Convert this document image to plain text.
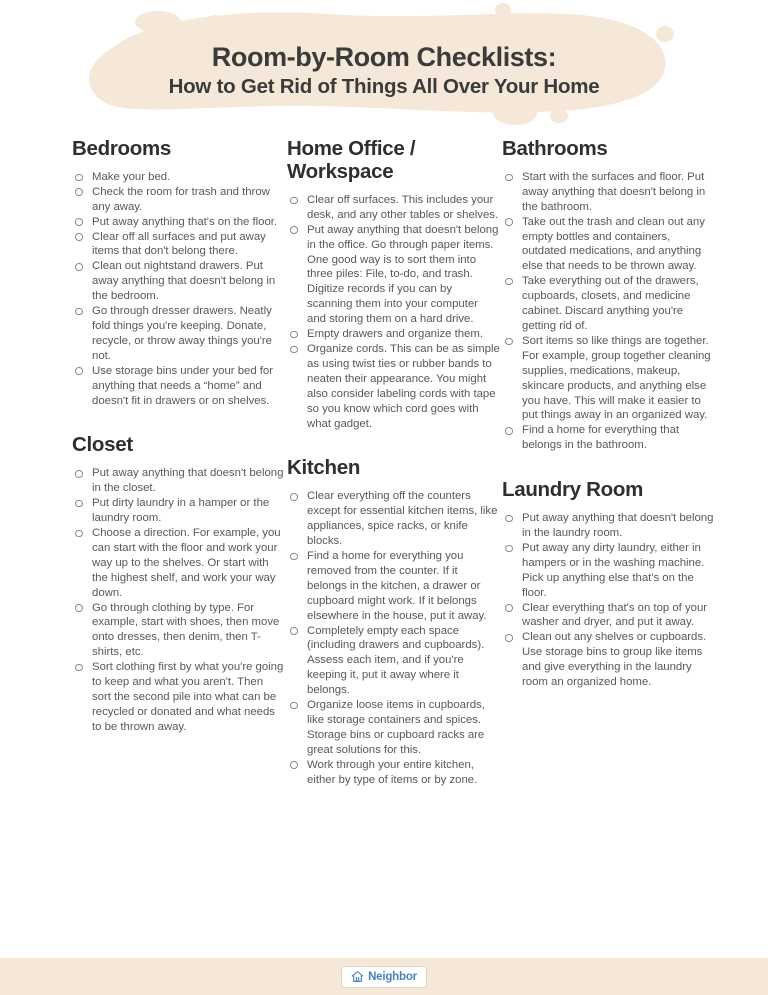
Room-by-Room Checklists:
How to Get Rid of Things All Over Your Home
Bedrooms
Make your bed.
Check the room for trash and throw any away.
Put away anything that's on the floor.
Clear off all surfaces and put away items that don't belong there.
Clean out nightstand drawers. Put away anything that doesn't belong in the bedroom.
Go through dresser drawers. Neatly fold things you're keeping. Donate, recycle, or throw away things you're not.
Use storage bins under your bed for anything that needs a “home” and doesn't fit in drawers or on shelves.
Closet
Put away anything that doesn't belong in the closet.
Put dirty laundry in a hamper or the laundry room.
Choose a direction. For example, you can start with the floor and work your way up to the shelves. Or start with the highest shelf, and work your way down.
Go through clothing by type. For example, start with shoes, then move onto dresses, then denim, then T-shirts, etc.
Sort clothing first by what you're going to keep and what you aren't. Then sort the second pile into what can be recycled or donated and what needs to be thrown away.
Home Office / Workspace
Clear off surfaces. This includes your desk, and any other tables or shelves.
Put away anything that doesn't belong in the office. Go through paper items. One good way is to sort them into three piles: File, to-do, and trash. Digitize records if you can by scanning them into your computer and storing them on a hard drive.
Empty drawers and organize them.
Organize cords. This can be as simple as using twist ties or rubber bands to neaten their appearance. You might also consider labeling cords with tape so you know which cord goes with what gadget.
Kitchen
Clear everything off the counters except for essential kitchen items, like appliances, spice racks, or knife blocks.
Find a home for everything you removed from the counter. If it belongs in the kitchen, a drawer or cupboard might work. If it belongs elsewhere in the house, put it away.
Completely empty each space (including drawers and cupboards). Assess each item, and if you're keeping it, put it away where it belongs.
Organize loose items in cupboards, like storage containers and spices. Storage bins or cupboard racks are great solutions for this.
Work through your entire kitchen, either by type of items or by zone.
Bathrooms
Start with the surfaces and floor. Put away anything that doesn't belong in the bathroom.
Take out the trash and clean out any empty bottles and containers, outdated medications, and anything else that needs to be thrown away.
Take everything out of the drawers, cupboards, closets, and medicine cabinet. Discard anything you're getting rid of.
Sort items so like things are together. For example, group together cleaning supplies, medications, makeup, skincare products, and anything else you have. This will make it easier to put things away in an organized way.
Find a home for everything that belongs in the bathroom.
Laundry Room
Put away anything that doesn't belong in the laundry room.
Put away any dirty laundry, either in hampers or in the washing machine. Pick up anything else that's on the floor.
Clear everything that's on top of your washer and dryer, and put it away.
Clean out any shelves or cupboards. Use storage bins to group like items and give everything in the laundry room an organized home.
Neighbor
